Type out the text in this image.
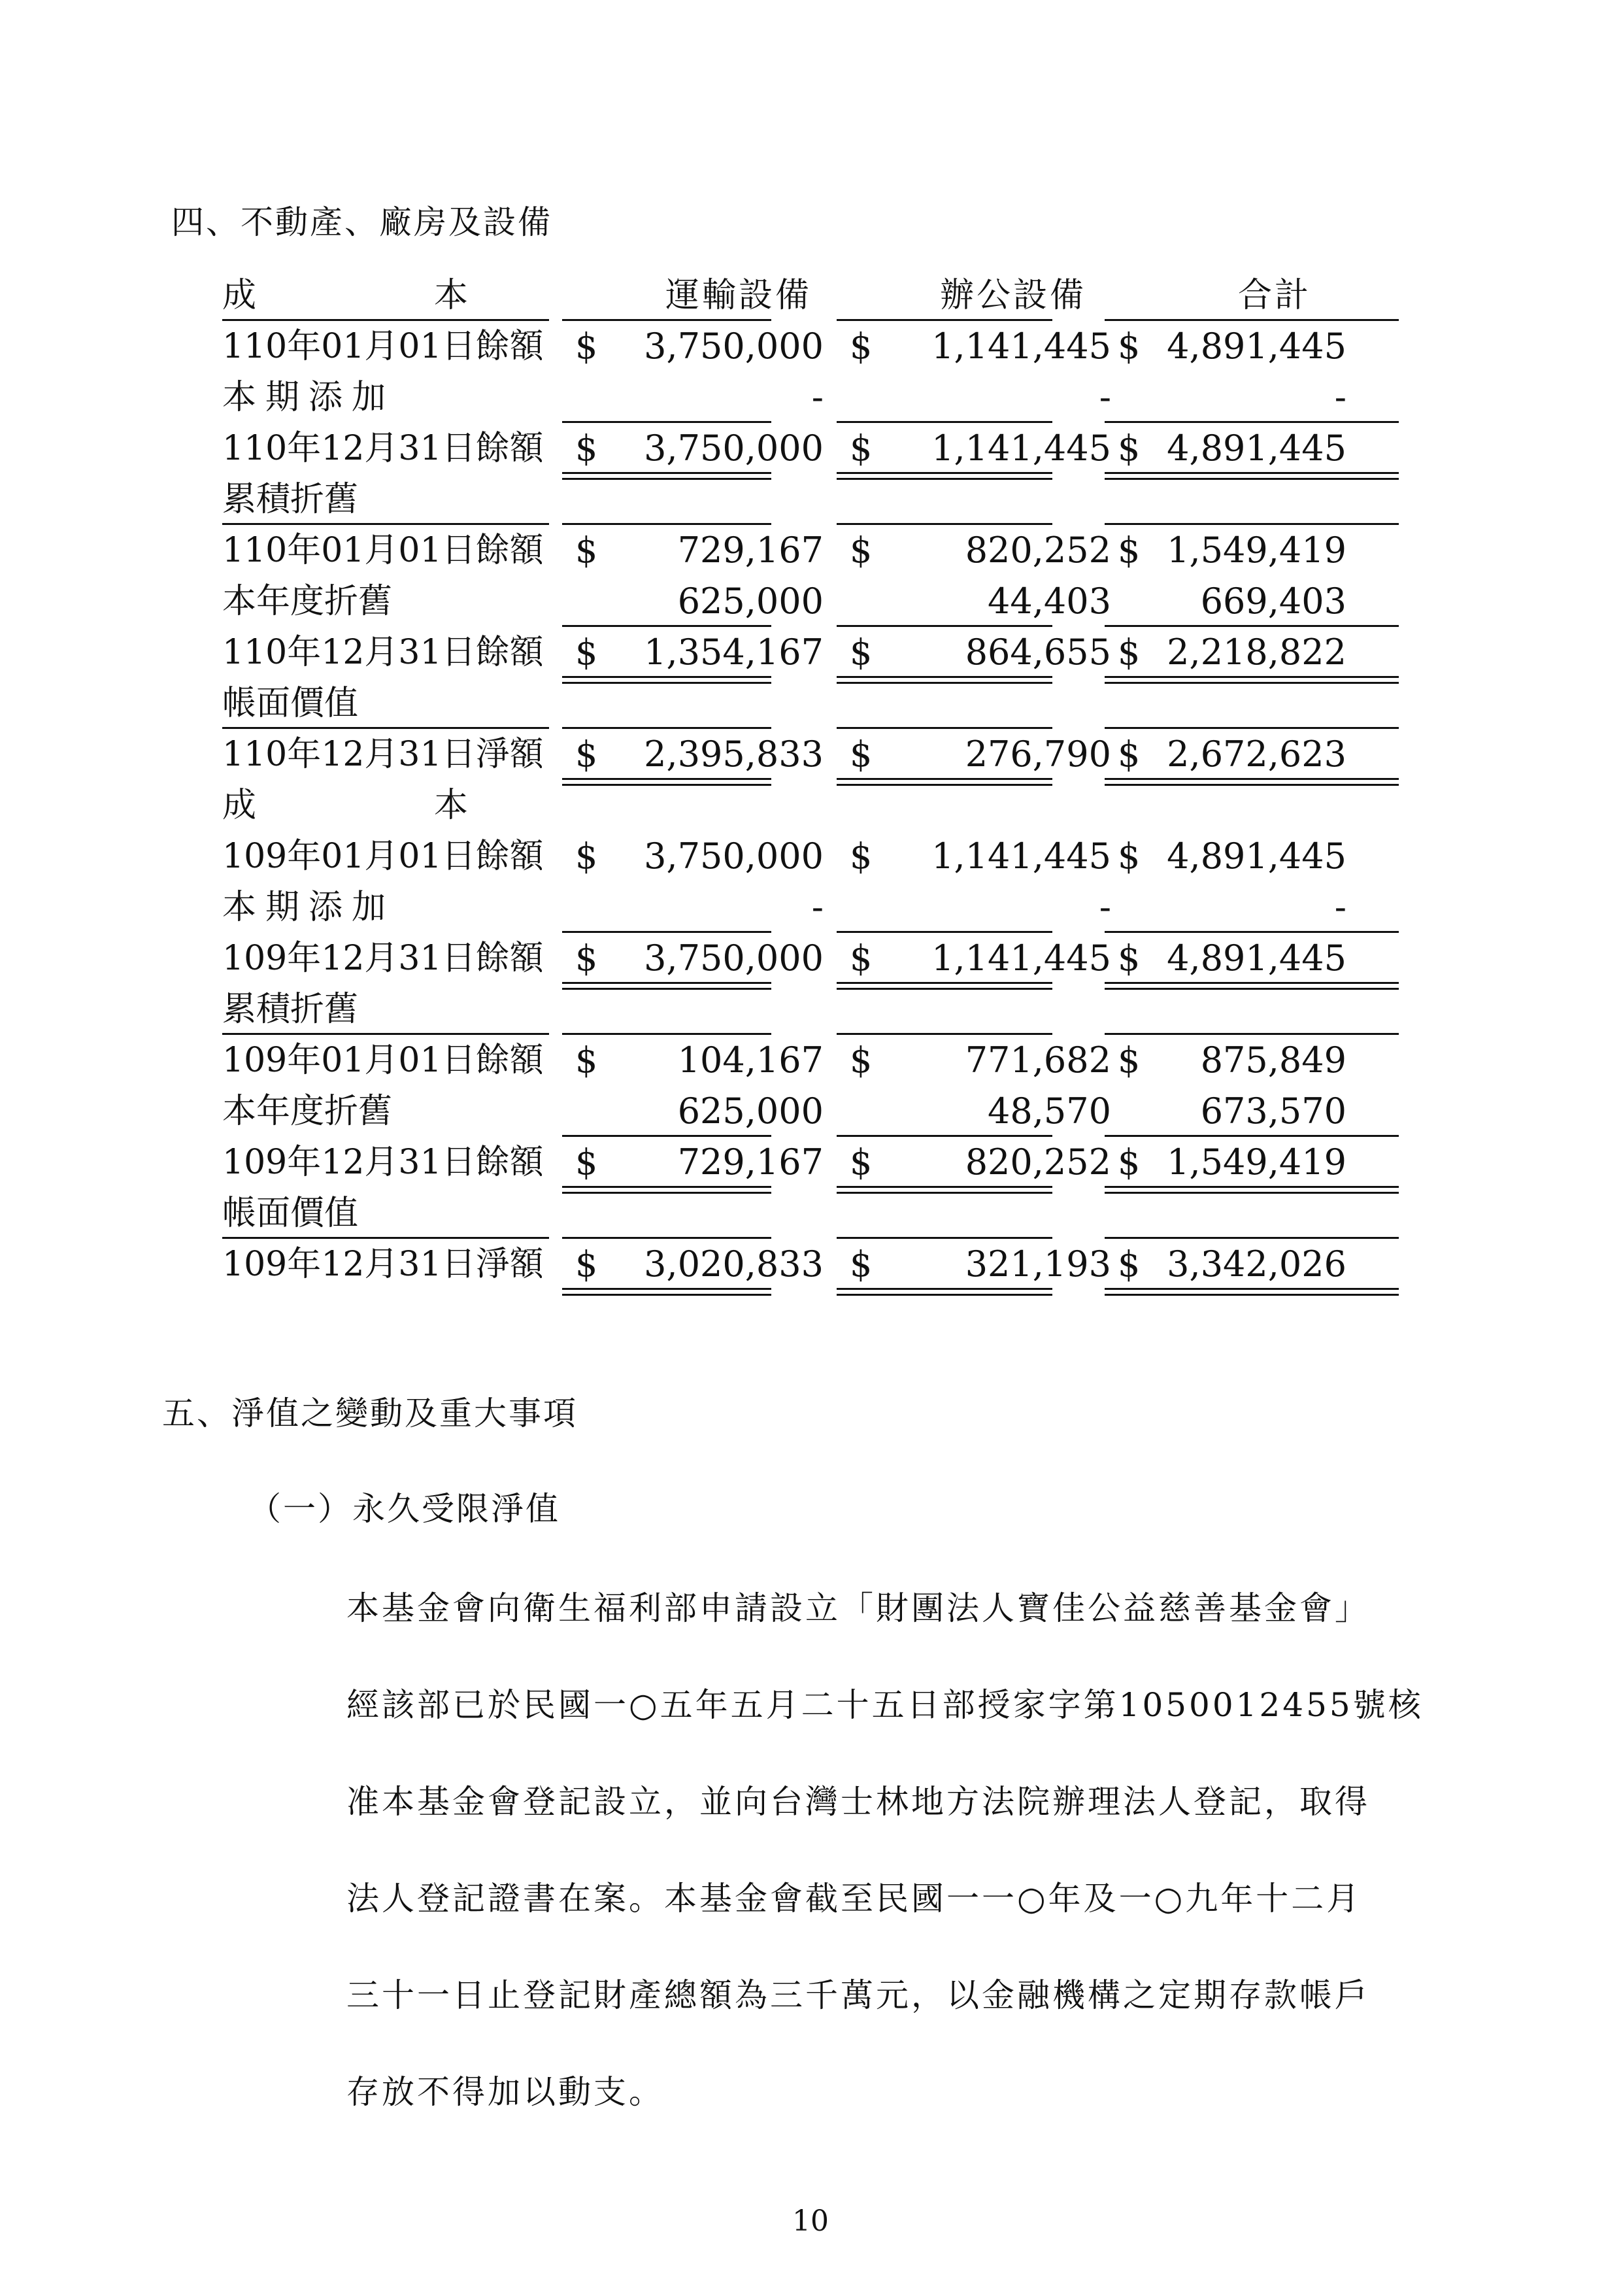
四、不動產、廠房及設備
成　　本	運輸設備	辦公設備	合計
110年01月01日餘額 $	3,750,000 $	1,141,445 $ 4,891,445
本期添加	-	-	-
110年12月31日餘額 $	3,750,000 $	1,141,445 $ 4,891,445
累積折舊
110年01月01日餘額 $	729,167 $	820,252 $ 1,549,419
本年度折舊	625,000	44,403	669,403
110年12月31日餘額 $	1,354,167 $	864,655 $ 2,218,822
帳面價值
110年12月31日淨額 $	2,395,833 $	276,790 $ 2,672,623
成　　本
109年01月01日餘額 $	3,750,000 $	1,141,445 $ 4,891,445
本期添加	-	-	-
109年12月31日餘額 $	3,750,000 $	1,141,445 $ 4,891,445
累積折舊
109年01月01日餘額 $	104,167 $	771,682 $	875,849
本年度折舊	625,000	48,570	673,570
109年12月31日餘額 $	729,167 $	820,252 $ 1,549,419
帳面價值
109年12月31日淨額 $	3,020,833 $	321,193 $ 3,342,026
五、淨值之變動及重大事項
（一）永久受限淨值
本基金會向衛生福利部申請設立「財團法人寶佳公益慈善基金會」
經該部已於民國一○五年五月二十五日部授家字第1050012455號核
准本基金會登記設立，並向台灣士林地方法院辦理法人登記，取得
法人登記證書在案。本基金會截至民國一一○年及一○九年十二月
三十一日止登記財產總額為三千萬元，以金融機構之定期存款帳戶
存放不得加以動支。
10
